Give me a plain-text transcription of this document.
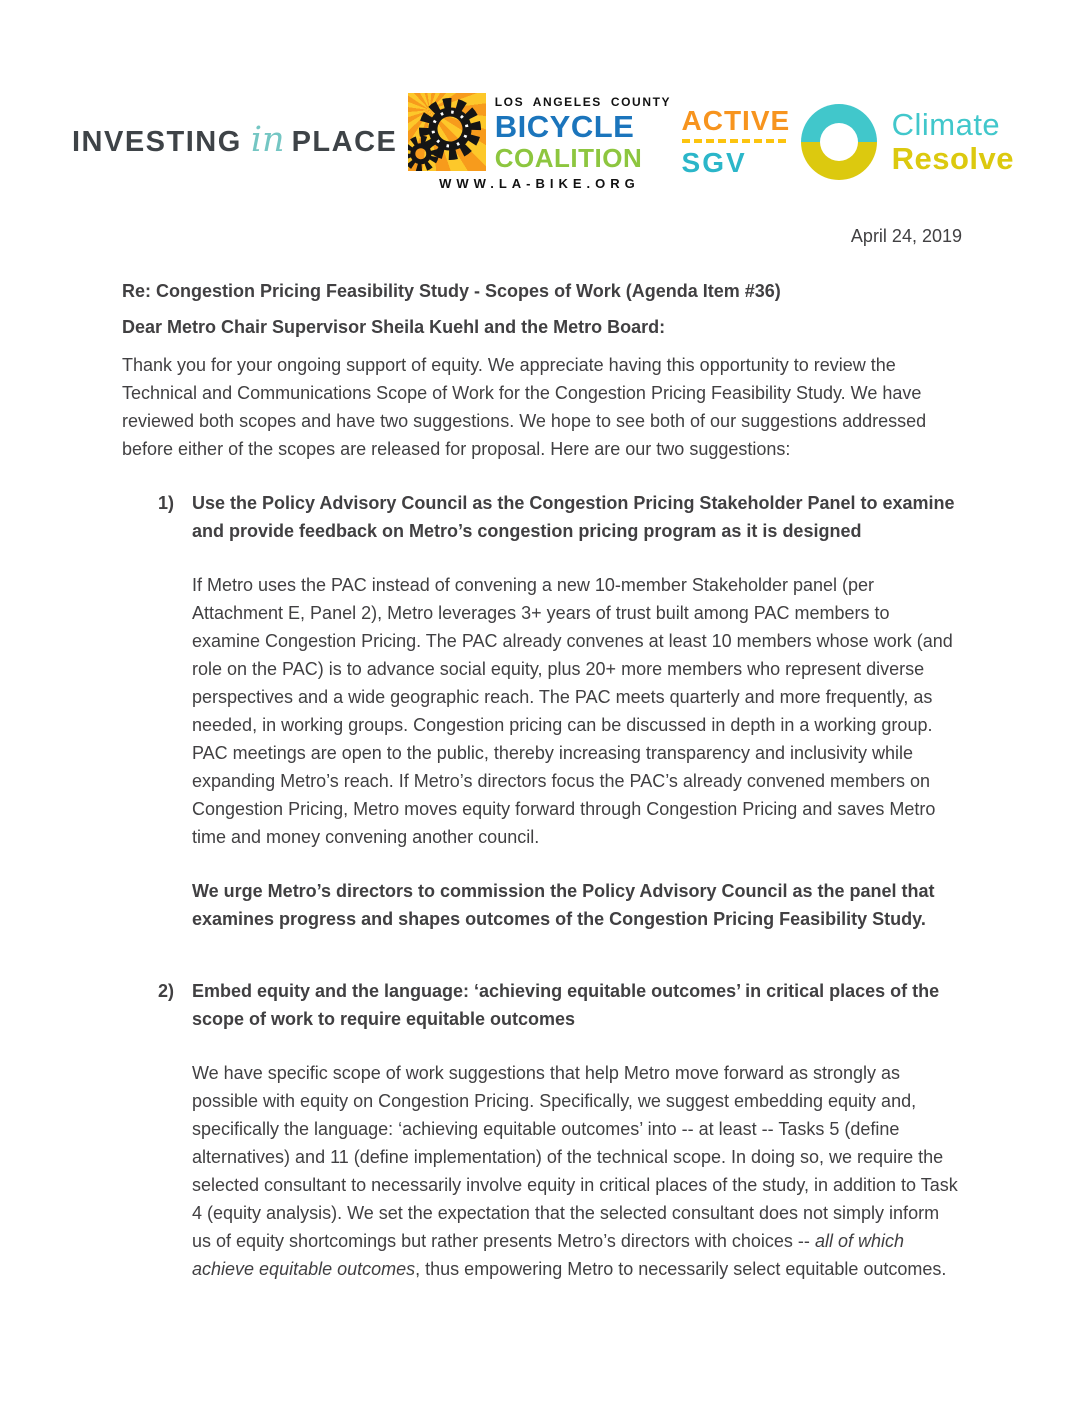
INVESTING in PLACE
LOS ANGELES COUNTY
BICYCLE
COALITION
WWW.LA-BIKE.ORG
ACTIVE
SGV
Climate
Resolve
April 24, 2019
Re: Congestion Pricing Feasibility Study - Scopes of Work (Agenda Item #36)
Dear Metro Chair Supervisor Sheila Kuehl and the Metro Board:

Thank you for your ongoing support of equity. We appreciate having this opportunity to review the Technical and Communications Scope of Work for the Congestion Pricing Feasibility Study. We have reviewed both scopes and have two suggestions. We hope to see both of our suggestions addressed before either of the scopes are released for proposal. Here are our two suggestions:

1) Use the Policy Advisory Council as the Congestion Pricing Stakeholder Panel to examine and provide feedback on Metro’s congestion pricing program as it is designed

If Metro uses the PAC instead of convening a new 10-member Stakeholder panel (per Attachment E, Panel 2), Metro leverages 3+ years of trust built among PAC members to examine Congestion Pricing. The PAC already convenes at least 10 members whose work (and role on the PAC) is to advance social equity, plus 20+ more members who represent diverse perspectives and a wide geographic reach. The PAC meets quarterly and more frequently, as needed, in working groups. Congestion pricing can be discussed in depth in a working group. PAC meetings are open to the public, thereby increasing transparency and inclusivity while expanding Metro’s reach. If Metro’s directors focus the PAC’s already convened members on Congestion Pricing, Metro moves equity forward through Congestion Pricing and saves Metro time and money convening another council.

We urge Metro’s directors to commission the Policy Advisory Council as the panel that examines progress and shapes outcomes of the Congestion Pricing Feasibility Study.

2) Embed equity and the language: ‘achieving equitable outcomes’ in critical places of the scope of work to require equitable outcomes

We have specific scope of work suggestions that help Metro move forward as strongly as possible with equity on Congestion Pricing. Specifically, we suggest embedding equity and, specifically the language: ‘achieving equitable outcomes’ into -- at least -- Tasks 5 (define alternatives) and 11 (define implementation) of the technical scope. In doing so, we require the selected consultant to necessarily involve equity in critical places of the study, in addition to Task 4 (equity analysis). We set the expectation that the selected consultant does not simply inform us of equity shortcomings but rather presents Metro’s directors with choices -- all of which achieve equitable outcomes, thus empowering Metro to necessarily select equitable outcomes.
